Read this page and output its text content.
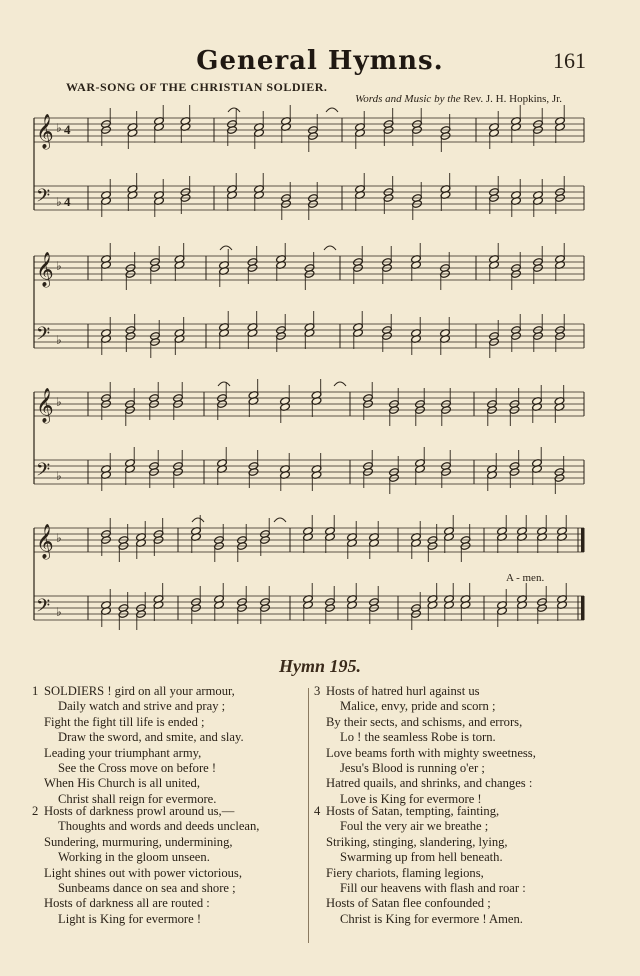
General Hymns.	161
WAR-SONG OF THE CHRISTIAN SOLDIER.
Words and Music by the Rev. J. H. Hopkins, Jr.
4
4
𝄞 ♭
𝄢 ♭
𝄞 ♭
𝄢 ♭
𝄞 ♭
𝄢 ♭
𝄞 ♭
𝄢 ♭
A - men.
Hymn 195.
1 SOLDIERS ! gird on all your armour,
Daily watch and strive and pray ;
Fight the fight till life is ended ;
Draw the sword, and smite, and slay.
Leading your triumphant army,
See the Cross move on before !
When His Church is all united,
Christ shall reign for evermore.
2 Hosts of darkness prowl around us,—
Thoughts and words and deeds unclean,
Sundering, murmuring, undermining,
Working in the gloom unseen.
Light shines out with power victorious,
Sunbeams dance on sea and shore ;
Hosts of darkness all are routed :
Light is King for evermore !
3 Hosts of hatred hurl against us
Malice, envy, pride and scorn ;
By their sects, and schisms, and errors,
Lo ! the seamless Robe is torn.
Love beams forth with mighty sweetness,
Jesu's Blood is running o'er ;
Hatred quails, and shrinks, and changes :
Love is King for evermore !
4 Hosts of Satan, tempting, fainting,
Foul the very air we breathe ;
Striking, stinging, slandering, lying,
Swarming up from hell beneath.
Fiery chariots, flaming legions,
Fill our heavens with flash and roar :
Hosts of Satan flee confounded ;
Christ is King for evermore ! Amen.
